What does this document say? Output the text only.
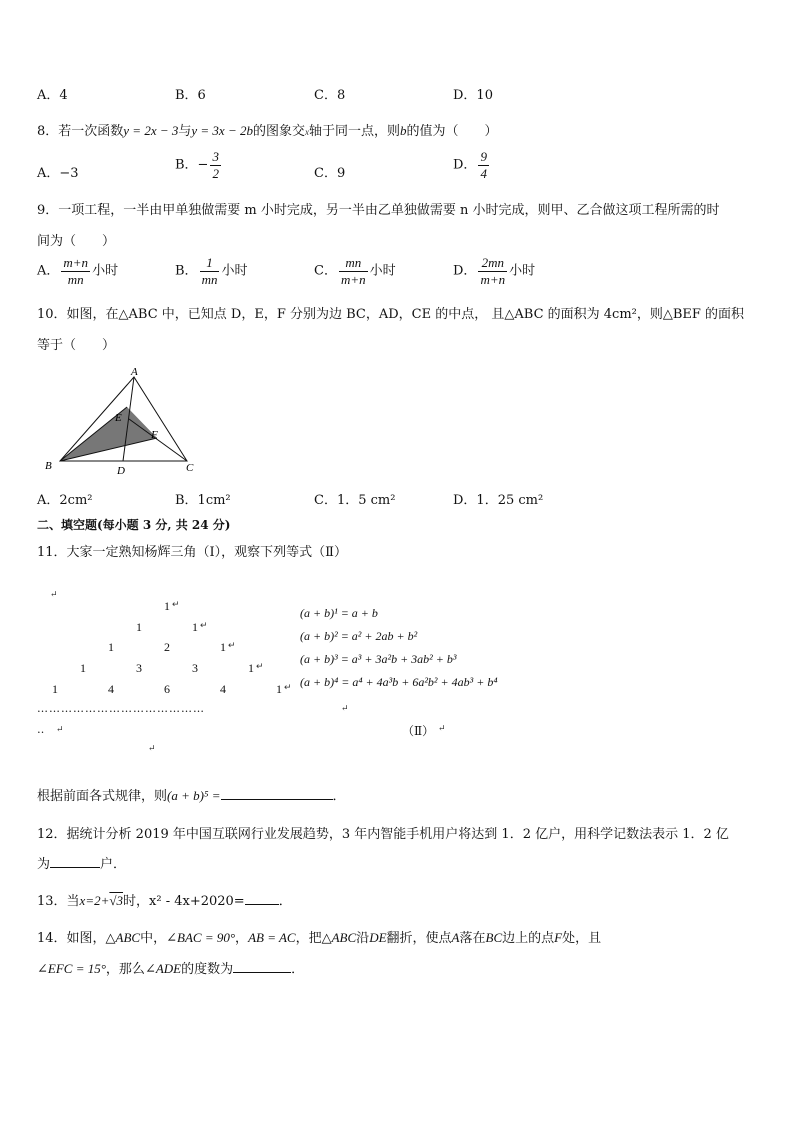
A．4	B．6	C．8	D．10
8．若一次函数y = 2x − 3与y = 3x − 2b的图象交x轴于同一点，则b的值为（　　）
A．−3
B．− $\frac{3}{2}$	C．9
D． $\frac{9}{4}$
9．一项工程，一半由甲单独做需要 m 小时完成，另一半由乙单独做需要 n 小时完成，则甲、乙合做这项工程所需的时
间为（　　）
A． $\frac{m+n}{mn}$ 小时	B． $\frac{1}{mn}$ 小时	C． $\frac{mn}{m+n}$ 小时	D． $\frac{2mn}{m+n}$ 小时
10．如图，在△ABC 中，已知点 D，E，F 分别为边 BC，AD，CE 的中点， 且△ABC 的面积为 4cm²，则△BEF 的面积
等于（　　）
A
B	C
D
E
F
A．2cm²	B．1cm²	C．1．5 cm²	D．1．25 cm²
二、填空题(每小题 3 分, 共 24 分)
11．大家一定熟知杨辉三角（Ⅰ），观察下列等式（Ⅱ）
↵
1 ↵
1	1 ↵
1	2	1 ↵
1	3	3	1 ↵
1	4	6	4	1 ↵
(a + b)¹ = a + b
(a + b)² = a² + 2ab + b²
(a + b)³ = a³ + 3a²b + 3ab² + b³
(a + b)⁴ = a⁴ + 4a³b + 6a²b² + 4ab³ + b⁴
……………………………………	↵
‥ ↵	（Ⅱ） ↵
↵
根据前面各式规律，则(a + b)⁵ =	．
12．据统计分析 2019 年中国互联网行业发展趋势，3 年内智能手机用户将达到 1．2 亿户，用科学记数法表示 1．2 亿
为	户．
13．当x=2+√3时，x² - 4x+2020=	．
14．如图，△ABC中，∠BAC = 90°，AB = AC，把△ABC沿DE翻折，使点A落在BC边上的点F处，且
∠EFC = 15°，那么∠ADE的度数为	．
